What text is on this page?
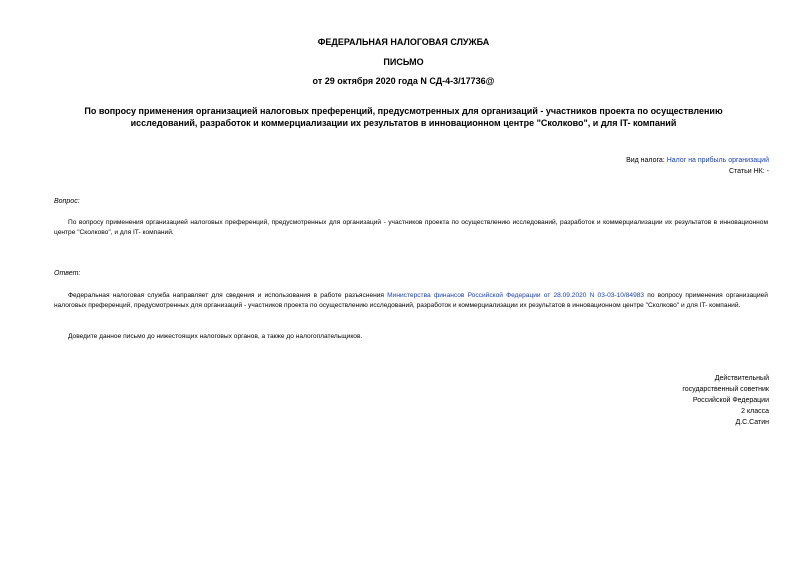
ФЕДЕРАЛЬНАЯ НАЛОГОВАЯ СЛУЖБА
ПИСЬМО
от 29 октября 2020 года N СД-4-3/17736@
По вопросу применения организацией налоговых преференций, предусмотренных для организаций - участников проекта по осуществлению исследований, разработок и коммерциализации их результатов в инновационном центре "Сколково", и для IT- компаний
Вид налога: Налог на прибыль организаций
Статьи НК: -
Вопрос:
По вопросу применения организацией налоговых преференций, предусмотренных для организаций - участников проекта по осуществлению исследований, разработок и коммерциализации их результатов в инновационном центре "Сколково", и для IT- компаний.
Ответ:
Федеральная налоговая служба направляет для сведения и использования в работе разъяснения Министерства финансов Российской Федерации от 28.09.2020 N 03-03-10/84983 по вопросу применения организацией налоговых преференций, предусмотренных для организаций - участников проекта по осуществлению исследований, разработок и коммерциализации их результатов в инновационном центре "Сколково" и для IT- компаний.
Доведите данное письмо до нижестоящих налоговых органов, а также до налогоплательщиков.
Действительный
государственный советник
Российской Федерации
2 класса
Д.С.Сатин
